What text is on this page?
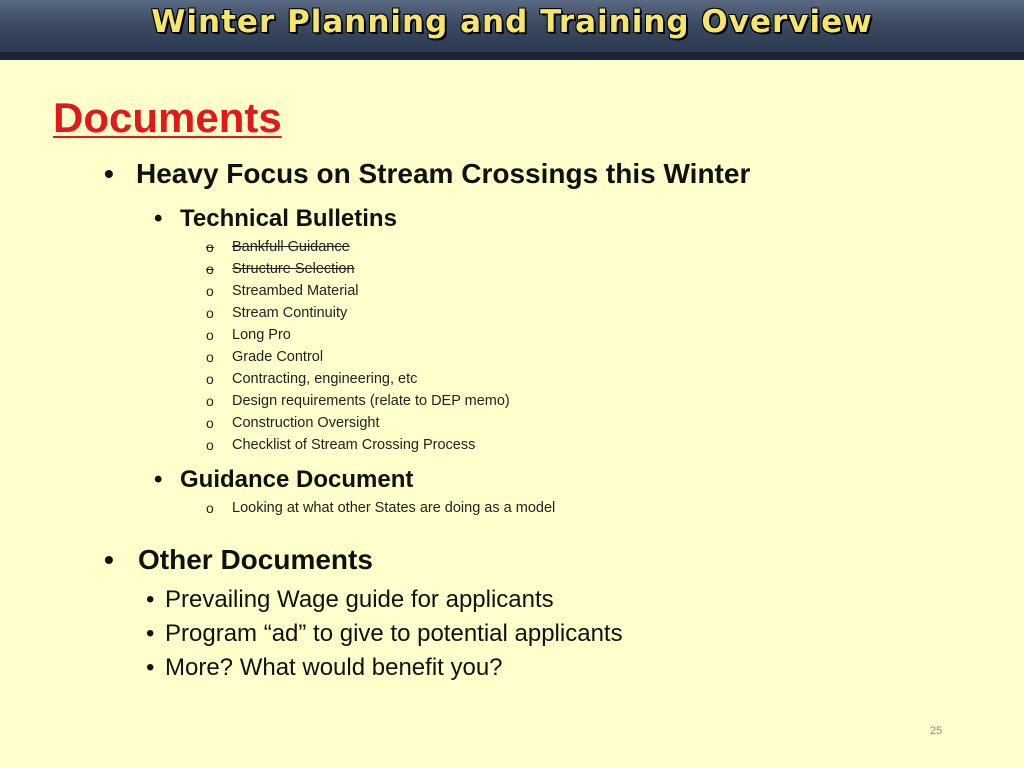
Winter Planning and Training Overview
Documents
• Heavy Focus on Stream Crossings this Winter
• Technical Bulletins
o Bankfull Guidance
o Structure Selection
o Streambed Material
o Stream Continuity
o Long Pro
o Grade Control
o Contracting, engineering, etc
o Design requirements (relate to DEP memo)
o Construction Oversight
o Checklist of Stream Crossing Process
• Guidance Document
o Looking at what other States are doing as a model
• Other Documents
• Prevailing Wage guide for applicants
• Program “ad” to give to potential applicants
• More? What would benefit you?
25
